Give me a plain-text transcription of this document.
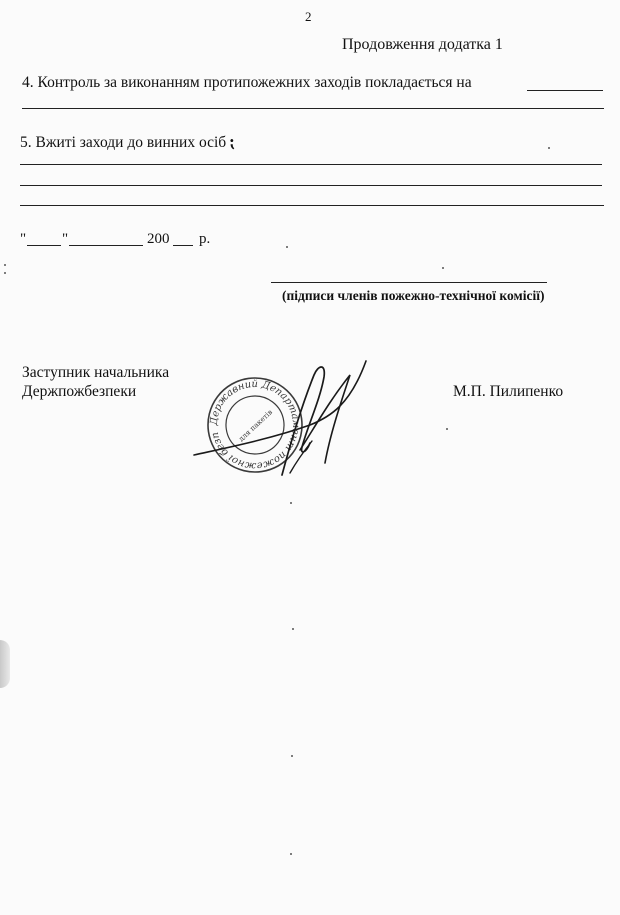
2
Продовження додатка 1
4. Контроль за виконанням протипожежних заходів покладається на
5. Вжиті заходи до винних осіб ⁏
" "	200 р.
(підписи членів пожежно-технічної комісії)
Заступник начальника
Держпожбезпеки	М.П. Пилипенко
Державний Департамент пожежної безпеки
для пакетів
